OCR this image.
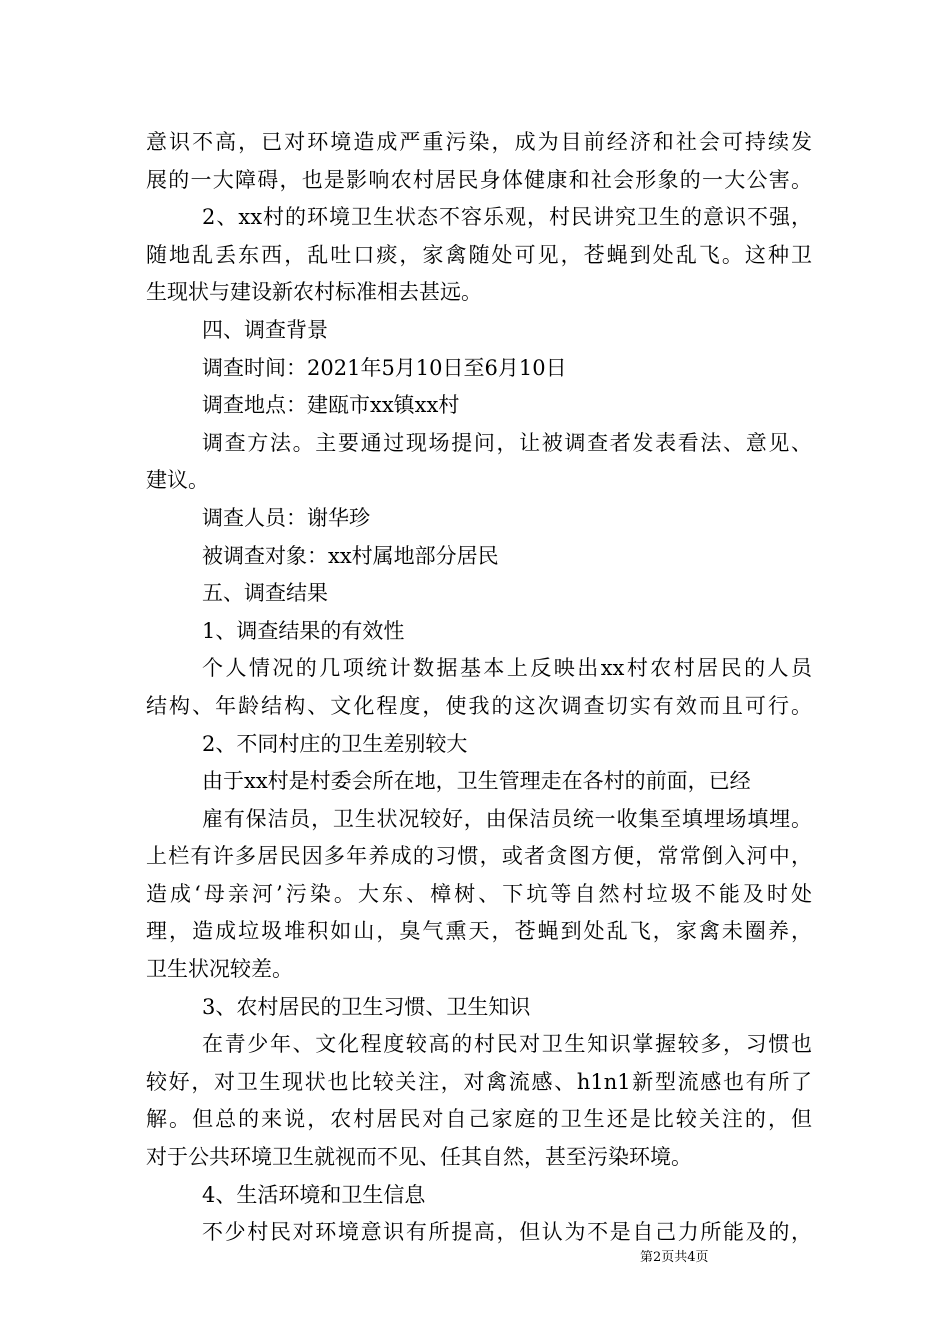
意识不高，已对环境造成严重污染，成为目前经济和社会可持续发
展的一大障碍，也是影响农村居民身体健康和社会形象的一大公害。
2、xx村的环境卫生状态不容乐观，村民讲究卫生的意识不强，
随地乱丢东西，乱吐口痰，家禽随处可见，苍蝇到处乱飞。这种卫
生现状与建设新农村标准相去甚远。
四、调查背景
调查时间：2021年5月10日至6月10日
调查地点：建瓯市xx镇xx村
调查方法。主要通过现场提问，让被调查者发表看法、意见、
建议。
调查人员：谢华珍
被调查对象：xx村属地部分居民
五、调查结果
1、调查结果的有效性
个人情况的几项统计数据基本上反映出xx村农村居民的人员
结构、年龄结构、文化程度，使我的这次调查切实有效而且可行。
2、不同村庄的卫生差别较大
由于xx村是村委会所在地，卫生管理走在各村的前面，已经
雇有保洁员，卫生状况较好，由保洁员统一收集至填埋场填埋。
上栏有许多居民因多年养成的习惯，或者贪图方便，常常倒入河中，
造成‘母亲河’污染。大东、樟树、下坑等自然村垃圾不能及时处
理，造成垃圾堆积如山，臭气熏天，苍蝇到处乱飞，家禽未圈养，
卫生状况较差。
3、农村居民的卫生习惯、卫生知识
在青少年、文化程度较高的村民对卫生知识掌握较多，习惯也
较好，对卫生现状也比较关注，对禽流感、h1n1新型流感也有所了
解。但总的来说，农村居民对自己家庭的卫生还是比较关注的，但
对于公共环境卫生就视而不见、任其自然，甚至污染环境。
4、生活环境和卫生信息
不少村民对环境意识有所提高，但认为不是自己力所能及的，
第2页共4页
